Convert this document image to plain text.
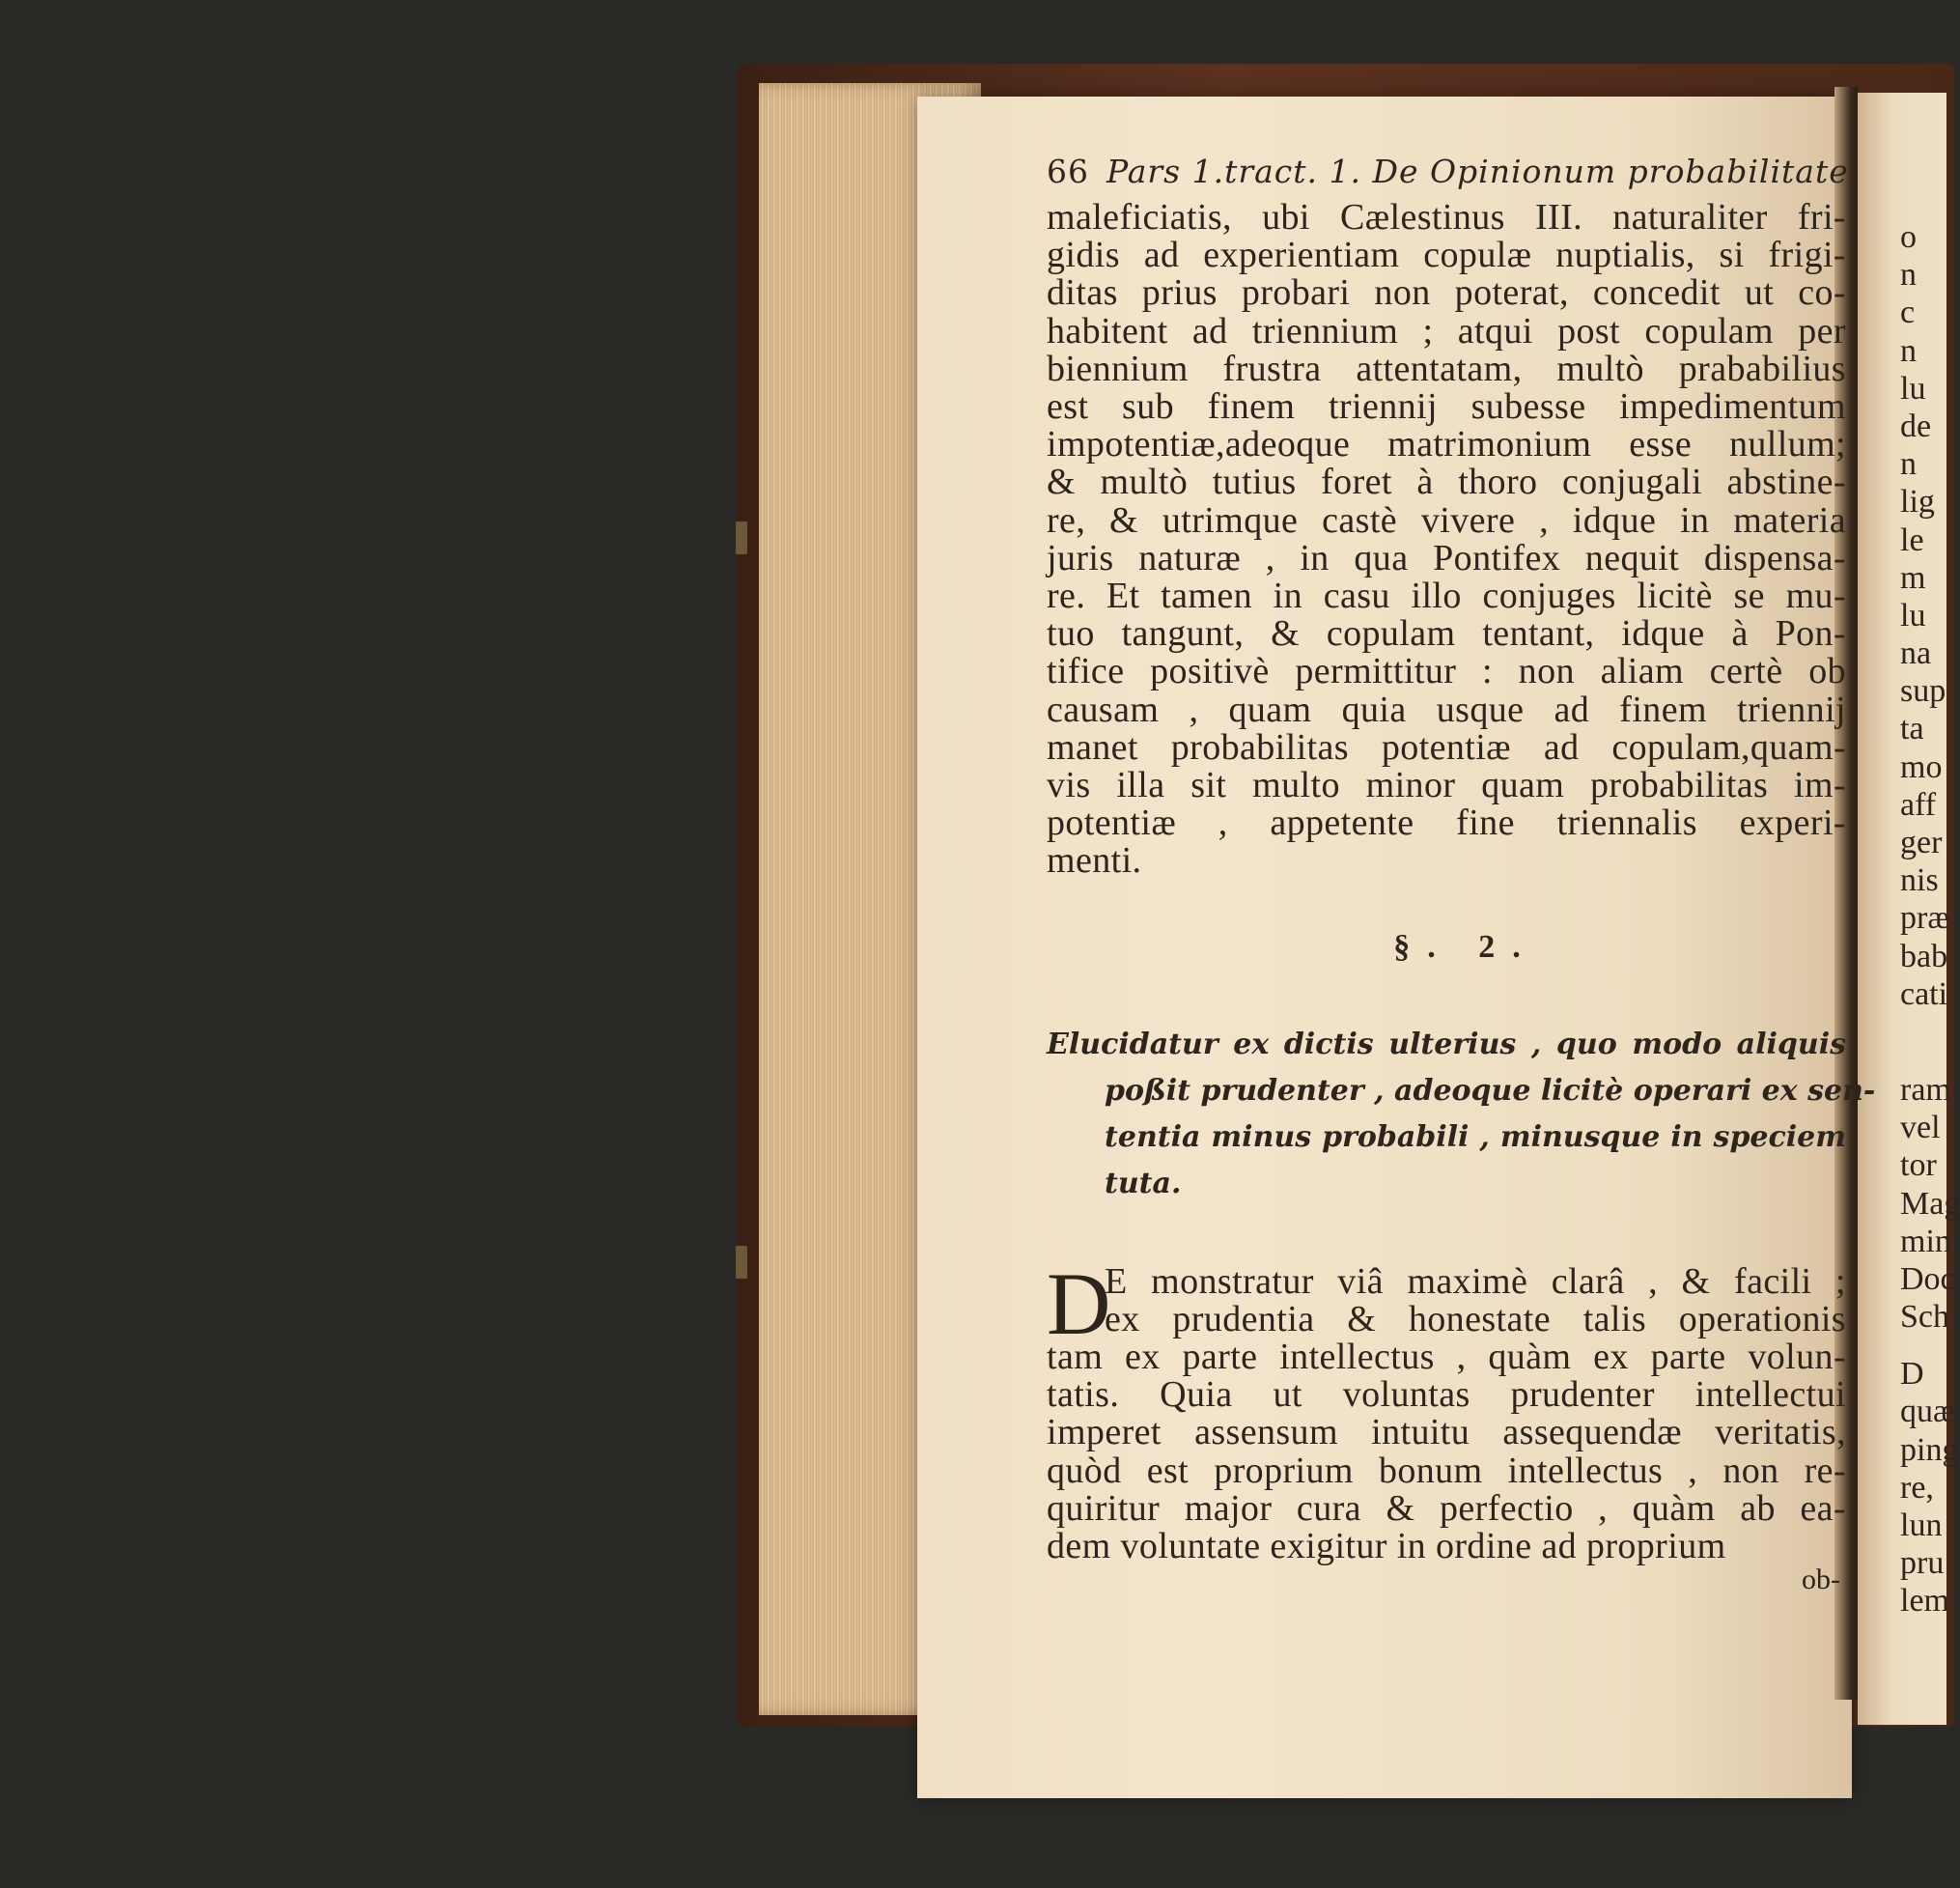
66 Pars 1.tract. 1. De Opinionum probabilitate
maleficiatis, ubi Cælestinus III. naturaliter fri-
gidis ad experientiam copulæ nuptialis, si frigi-
ditas prius probari non poterat, concedit ut co-
habitent ad triennium ; atqui post copulam per
biennium frustra attentatam, multò prababilius
est sub finem triennij subesse impedimentum
impotentiæ,adeoque matrimonium esse nullum;
& multò tutius foret à thoro conjugali abstine-
re, & utrimque castè vivere , idque in materia
juris naturæ , in qua Pontifex nequit dispensa-
re. Et tamen in casu illo conjuges licitè se mu-
tuo tangunt, & copulam tentant, idque à Pon-
tifice positivè permittitur : non aliam certè ob
causam , quam quia usque ad finem triennij
manet probabilitas potentiæ ad copulam,quam-
vis illa sit multo minor quam probabilitas im-
potentiæ , appetente fine triennalis experi-
menti.
§. 2.
Elucidatur ex dictis ulterius , quo modo aliquis
poßit prudenter , adeoque licitè operari ex sen-
tentia minus probabili , minusque in speciem
tuta.
D
E monstratur viâ maximè clarâ , & facili ;
ex prudentia & honestate talis operationis
tam ex parte intellectus , quàm ex parte volun-
tatis. Quia ut voluntas prudenter intellectui
imperet assensum intuitu assequendæ veritatis,
quòd est proprium bonum intellectus , non re-
quiritur major cura & perfectio , quàm ab ea-
dem voluntate exigitur in ordine ad proprium
ob-
o
n
c
n
lu
de
n
lig
le
m
lu
na
sup
ta
mo
aff
ger
nis
præ
bab
cati
ram
vel
tor
Mag
min
Doc
Sch
D
quæ
ping
re,
lun
pru
lem
